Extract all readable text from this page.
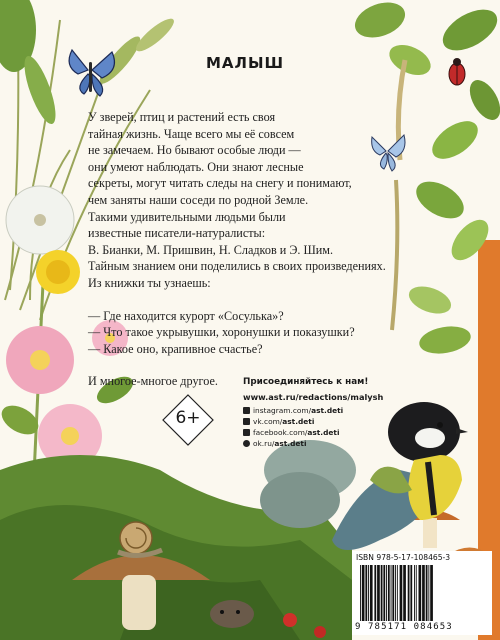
МАЛЫШ

У зверей, птиц и растений есть своя
тайная жизнь. Чаще всего мы её совсем
не замечаем. Но бывают особые люди —
они умеют наблюдать. Они знают лесные
секреты, могут читать следы на снегу и понимают,
чем заняты наши соседи по родной Земле.
Такими удивительными людьми были
известные писатели-натуралисты:
В. Бианки, М. Пришвин, Н. Сладков и Э. Шим.
Тайным знанием они поделились в своих произведениях.
Из книжки ты узнаешь:

— Где находится курорт «Сосулька»?
— Что такое укрывушки, хоронушки и показушки?
— Какое оно, крапивное счастье?

И многое-многое другое.

6+
Присоединяйтесь к нам!
www.ast.ru/redactions/malysh
instagram.com/ ast.deti
vk.com/ ast.deti
facebook.com/ ast.deti
ok.ru/ ast.deti
ISBN 978-5-17-108465-3
9 785171 084653
